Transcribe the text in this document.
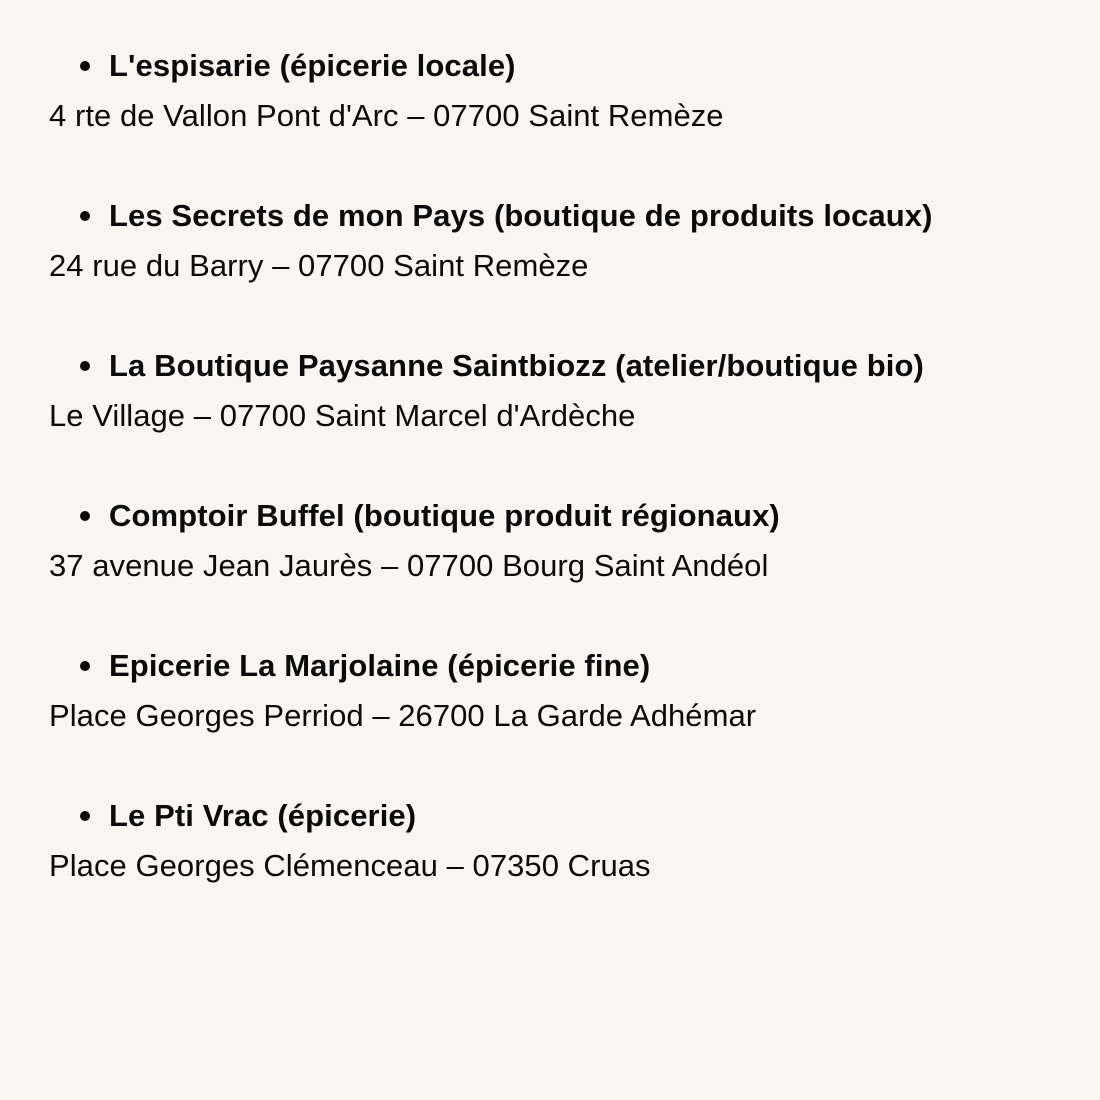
L'espisarie
(épicerie locale)
4 rte de Vallon Pont d'Arc – 07700 Saint Remèze
Les Secrets de mon Pays
(boutique de produits locaux)
24 rue du Barry – 07700 Saint Remèze
La Boutique Paysanne Saintbiozz
(atelier/boutique bio)
Le Village – 07700 Saint Marcel d'Ardèche
Comptoir Buffel
(boutique produit régionaux)
37 avenue Jean Jaurès – 07700 Bourg Saint Andéol
Epicerie La Marjolaine
(épicerie fine)
Place Georges Perriod – 26700 La Garde Adhémar
Le Pti Vrac
(épicerie)
Place Georges Clémenceau – 07350 Cruas
